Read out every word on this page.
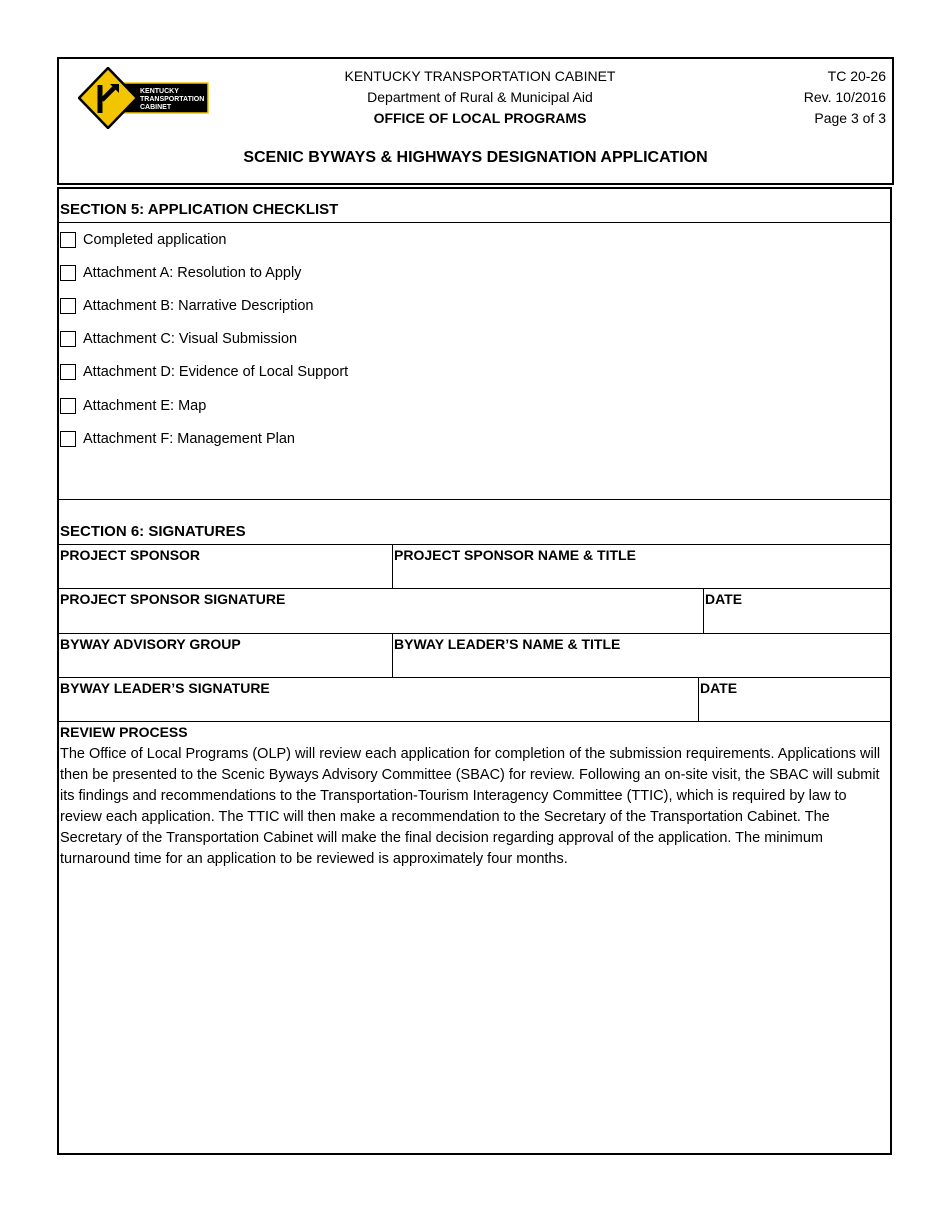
KENTUCKY
TRANSPORTATION
CABINET
KENTUCKY TRANSPORTATION CABINET
Department of Rural & Municipal Aid
OFFICE OF LOCAL PROGRAMS
TC 20-26
Rev. 10/2016
Page 3 of 3
SCENIC BYWAYS & HIGHWAYS DESIGNATION APPLICATION
SECTION 5: APPLICATION CHECKLIST
Completed application
Attachment A: Resolution to Apply
Attachment B: Narrative Description
Attachment C: Visual Submission
Attachment D: Evidence of Local Support
Attachment E: Map
Attachment F: Management Plan
SECTION 6: SIGNATURES
PROJECT SPONSOR	PROJECT SPONSOR NAME & TITLE
PROJECT SPONSOR SIGNATURE	DATE
BYWAY ADVISORY GROUP	BYWAY LEADER’S NAME & TITLE
BYWAY LEADER’S SIGNATURE	DATE
REVIEW PROCESS
The Office of Local Programs (OLP) will review each application for completion of the submission requirements. Applications will then be presented to the Scenic Byways Advisory Committee (SBAC) for review. Following an on-site visit, the SBAC will submit its findings and recommendations to the Transportation-Tourism Interagency Committee (TTIC), which is required by law to review each application. The TTIC will then make a recommendation to the Secretary of the Transportation Cabinet. The Secretary of the Transportation Cabinet will make the final decision regarding approval of the application. The minimum turnaround time for an application to be reviewed is approximately four months.
